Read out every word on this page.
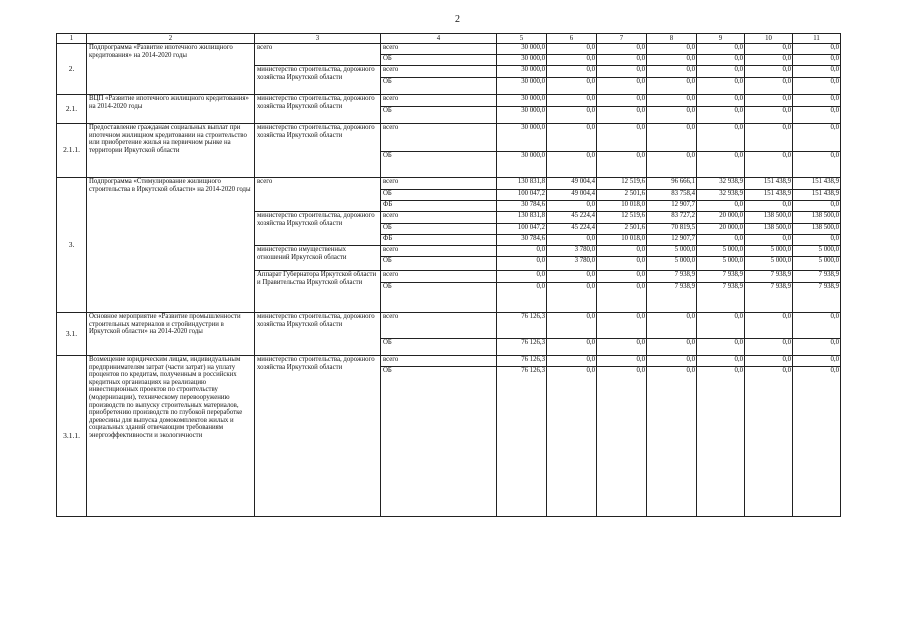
2
1	2	3	4	5	6	7	8	9	10	11
2.	Подпрограмма «Развитие ипотечного жилищного кредитования» на 2014-2020 годы	всего	всего	30 000,0	0,0	0,0	0,0	0,0	0,0	0,0
			ОБ	30 000,0	0,0	0,0	0,0	0,0	0,0	0,0
		министерство строительства, дорожного хозяйства Иркутской области	всего	30 000,0	0,0	0,0	0,0	0,0	0,0	0,0
			ОБ	30 000,0	0,0	0,0	0,0	0,0	0,0	0,0
2.1.	ВЦП «Развитие ипотечного жилищного кредитования» на 2014-2020 годы	министерство строительства, дорожного хозяйства Иркутской области	всего	30 000,0	0,0	0,0	0,0	0,0	0,0	0,0
			ОБ	30 000,0	0,0	0,0	0,0	0,0	0,0	0,0
2.1.1.	Предоставление гражданам социальных выплат при ипотечном жилищном кредитовании на строительство или приобретение жилья на первичном рынке на территории Иркутской области	министерство строительства, дорожного хозяйства Иркутской области	всего	30 000,0	0,0	0,0	0,0	0,0	0,0	0,0
			ОБ	30 000,0	0,0	0,0	0,0	0,0	0,0	0,0
3.	Подпрограмма «Стимулирование жилищного строительства в Иркутской области» на 2014-2020 годы	всего	всего	130 831,8	49 004,4	12 519,6	96 666,1	32 938,9	151 438,9	151 438,9
			ОБ	100 047,2	49 004,4	2 501,6	83 758,4	32 938,9	151 438,9	151 438,9
			ФБ	30 784,6	0,0	10 018,0	12 907,7	0,0	0,0	0,0
		министерство строительства, дорожного хозяйства Иркутской области	всего	130 831,8	45 224,4	12 519,6	83 727,2	20 000,0	138 500,0	138 500,0
			ОБ	100 047,2	45 224,4	2 501,6	70 819,5	20 000,0	138 500,0	138 500,0
			ФБ	30 784,6	0,0	10 018,0	12 907,7	0,0	0,0	0,0
		министерство имущественных отношений Иркутской области	всего	0,0	3 780,0	0,0	5 000,0	5 000,0	5 000,0	5 000,0
			ОБ	0,0	3 780,0	0,0	5 000,0	5 000,0	5 000,0	5 000,0
		Аппарат Губернатора Иркутской области и Правительства Иркутской области	всего	0,0	0,0	0,0	7 938,9	7 938,9	7 938,9	7 938,9
			ОБ	0,0	0,0	0,0	7 938,9	7 938,9	7 938,9	7 938,9
3.1.	Основное мероприятие «Развитие промышленности строительных материалов и стройиндустрии в Иркутской области» на 2014-2020 годы	министерство строительства, дорожного хозяйства Иркутской области	всего	76 126,3	0,0	0,0	0,0	0,0	0,0	0,0
			ОБ	76 126,3	0,0	0,0	0,0	0,0	0,0	0,0
3.1.1.	Возмещение юридическим лицам, индивидуальным предпринимателям затрат (части затрат) на уплату процентов по кредитам, полученным в российских кредитных организациях на реализацию инвестиционных проектов по строительству (модернизации), техническому перевооружению производств по выпуску строительных материалов, приобретению производств по глубокой переработке древесины для выпуска домокомплектов жилых и социальных зданий отвечающим требованиям энергоэффективности и экологичности	министерство строительства, дорожного хозяйства Иркутской области	всего	76 126,3	0,0	0,0	0,0	0,0	0,0	0,0
			ОБ	76 126,3	0,0	0,0	0,0	0,0	0,0	0,0
